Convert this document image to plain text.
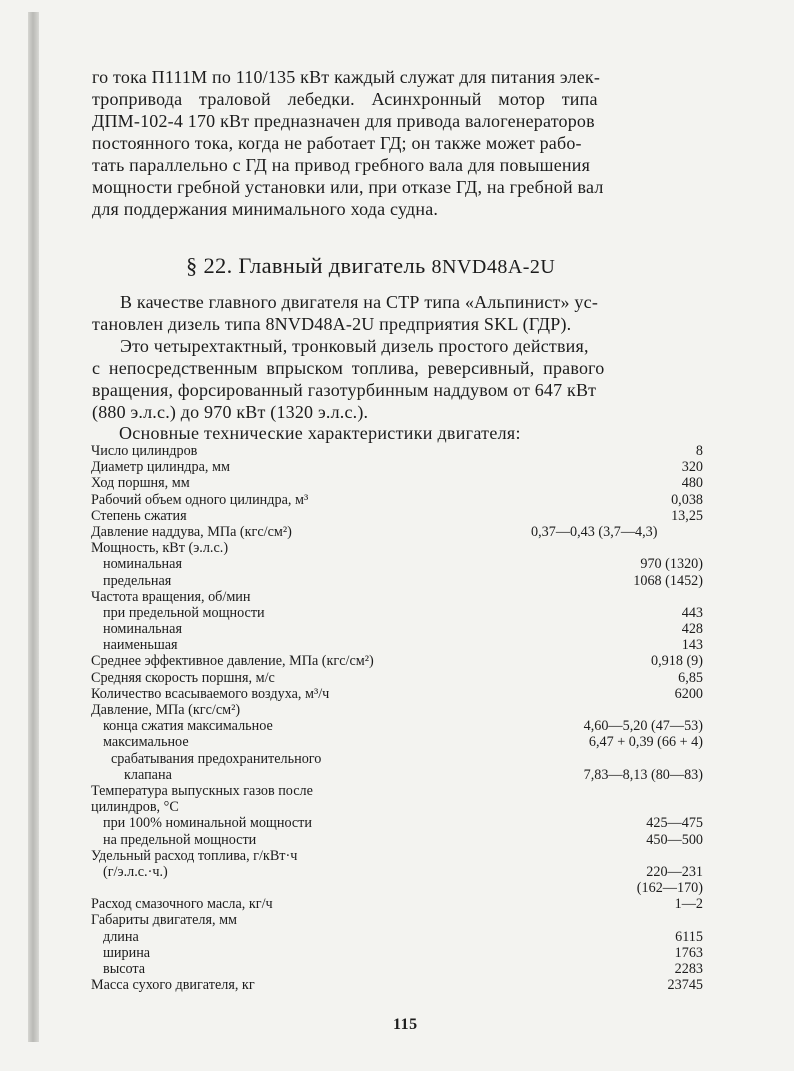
го тока П111М по 110/135 кВт каждый служат для питания элек-
тропривода траловой лебедки. Асинхронный мотор типа
ДПМ-102-4 170 кВт предназначен для привода валогенераторов
постоянного тока, когда не работает ГД; он также может рабо-
тать параллельно с ГД на привод гребного вала для повышения
мощности гребной установки или, при отказе ГД, на гребной вал
для поддержания минимального хода судна.

§ 22. Главный двигатель 8NVD48A-2U

В качестве главного двигателя на СТР типа «Альпинист» ус-
тановлен дизель типа 8NVD48A-2U предприятия SKL (ГДР).
Это четырехтактный, тронковый дизель простого действия,
с непосредственным впрыском топлива, реверсивный, правого
вращения, форсированный газотурбинным наддувом от 647 кВт
(880 э.л.с.) до 970 кВт (1320 э.л.с.).

Основные технические характеристики двигателя:
Число цилиндров	8
Диаметр цилиндра, мм	320
Ход поршня, мм	480
Рабочий объем одного цилиндра, м³	0,038
Степень сжатия	13,25
Давление наддува, МПа (кгс/см²)	0,37—0,43 (3,7—4,3)
Мощность, кВт (э.л.с.)
номинальная	970 (1320)
предельная	1068 (1452)
Частота вращения, об/мин
при предельной мощности	443
номинальная	428
наименьшая	143
Среднее эффективное давление, МПа (кгс/см²)	0,918 (9)
Средняя скорость поршня, м/с	6,85
Количество всасываемого воздуха, м³/ч	6200
Давление, МПа (кгс/см²)
конца сжатия максимальное	4,60—5,20 (47—53)
максимальное	6,47 + 0,39 (66 + 4)
срабатывания предохранительного
клапана	7,83—8,13 (80—83)
Температура выпускных газов после
цилиндров, °С
при 100% номинальной мощности	425—475
на предельной мощности	450—500
Удельный расход топлива, г/кВт·ч
(г/э.л.с.·ч.)	220—231
(162—170)
Расход смазочного масла, кг/ч	1—2
Габариты двигателя, мм
длина	6115
ширина	1763
высота	2283
Масса сухого двигателя, кг	23745
115
